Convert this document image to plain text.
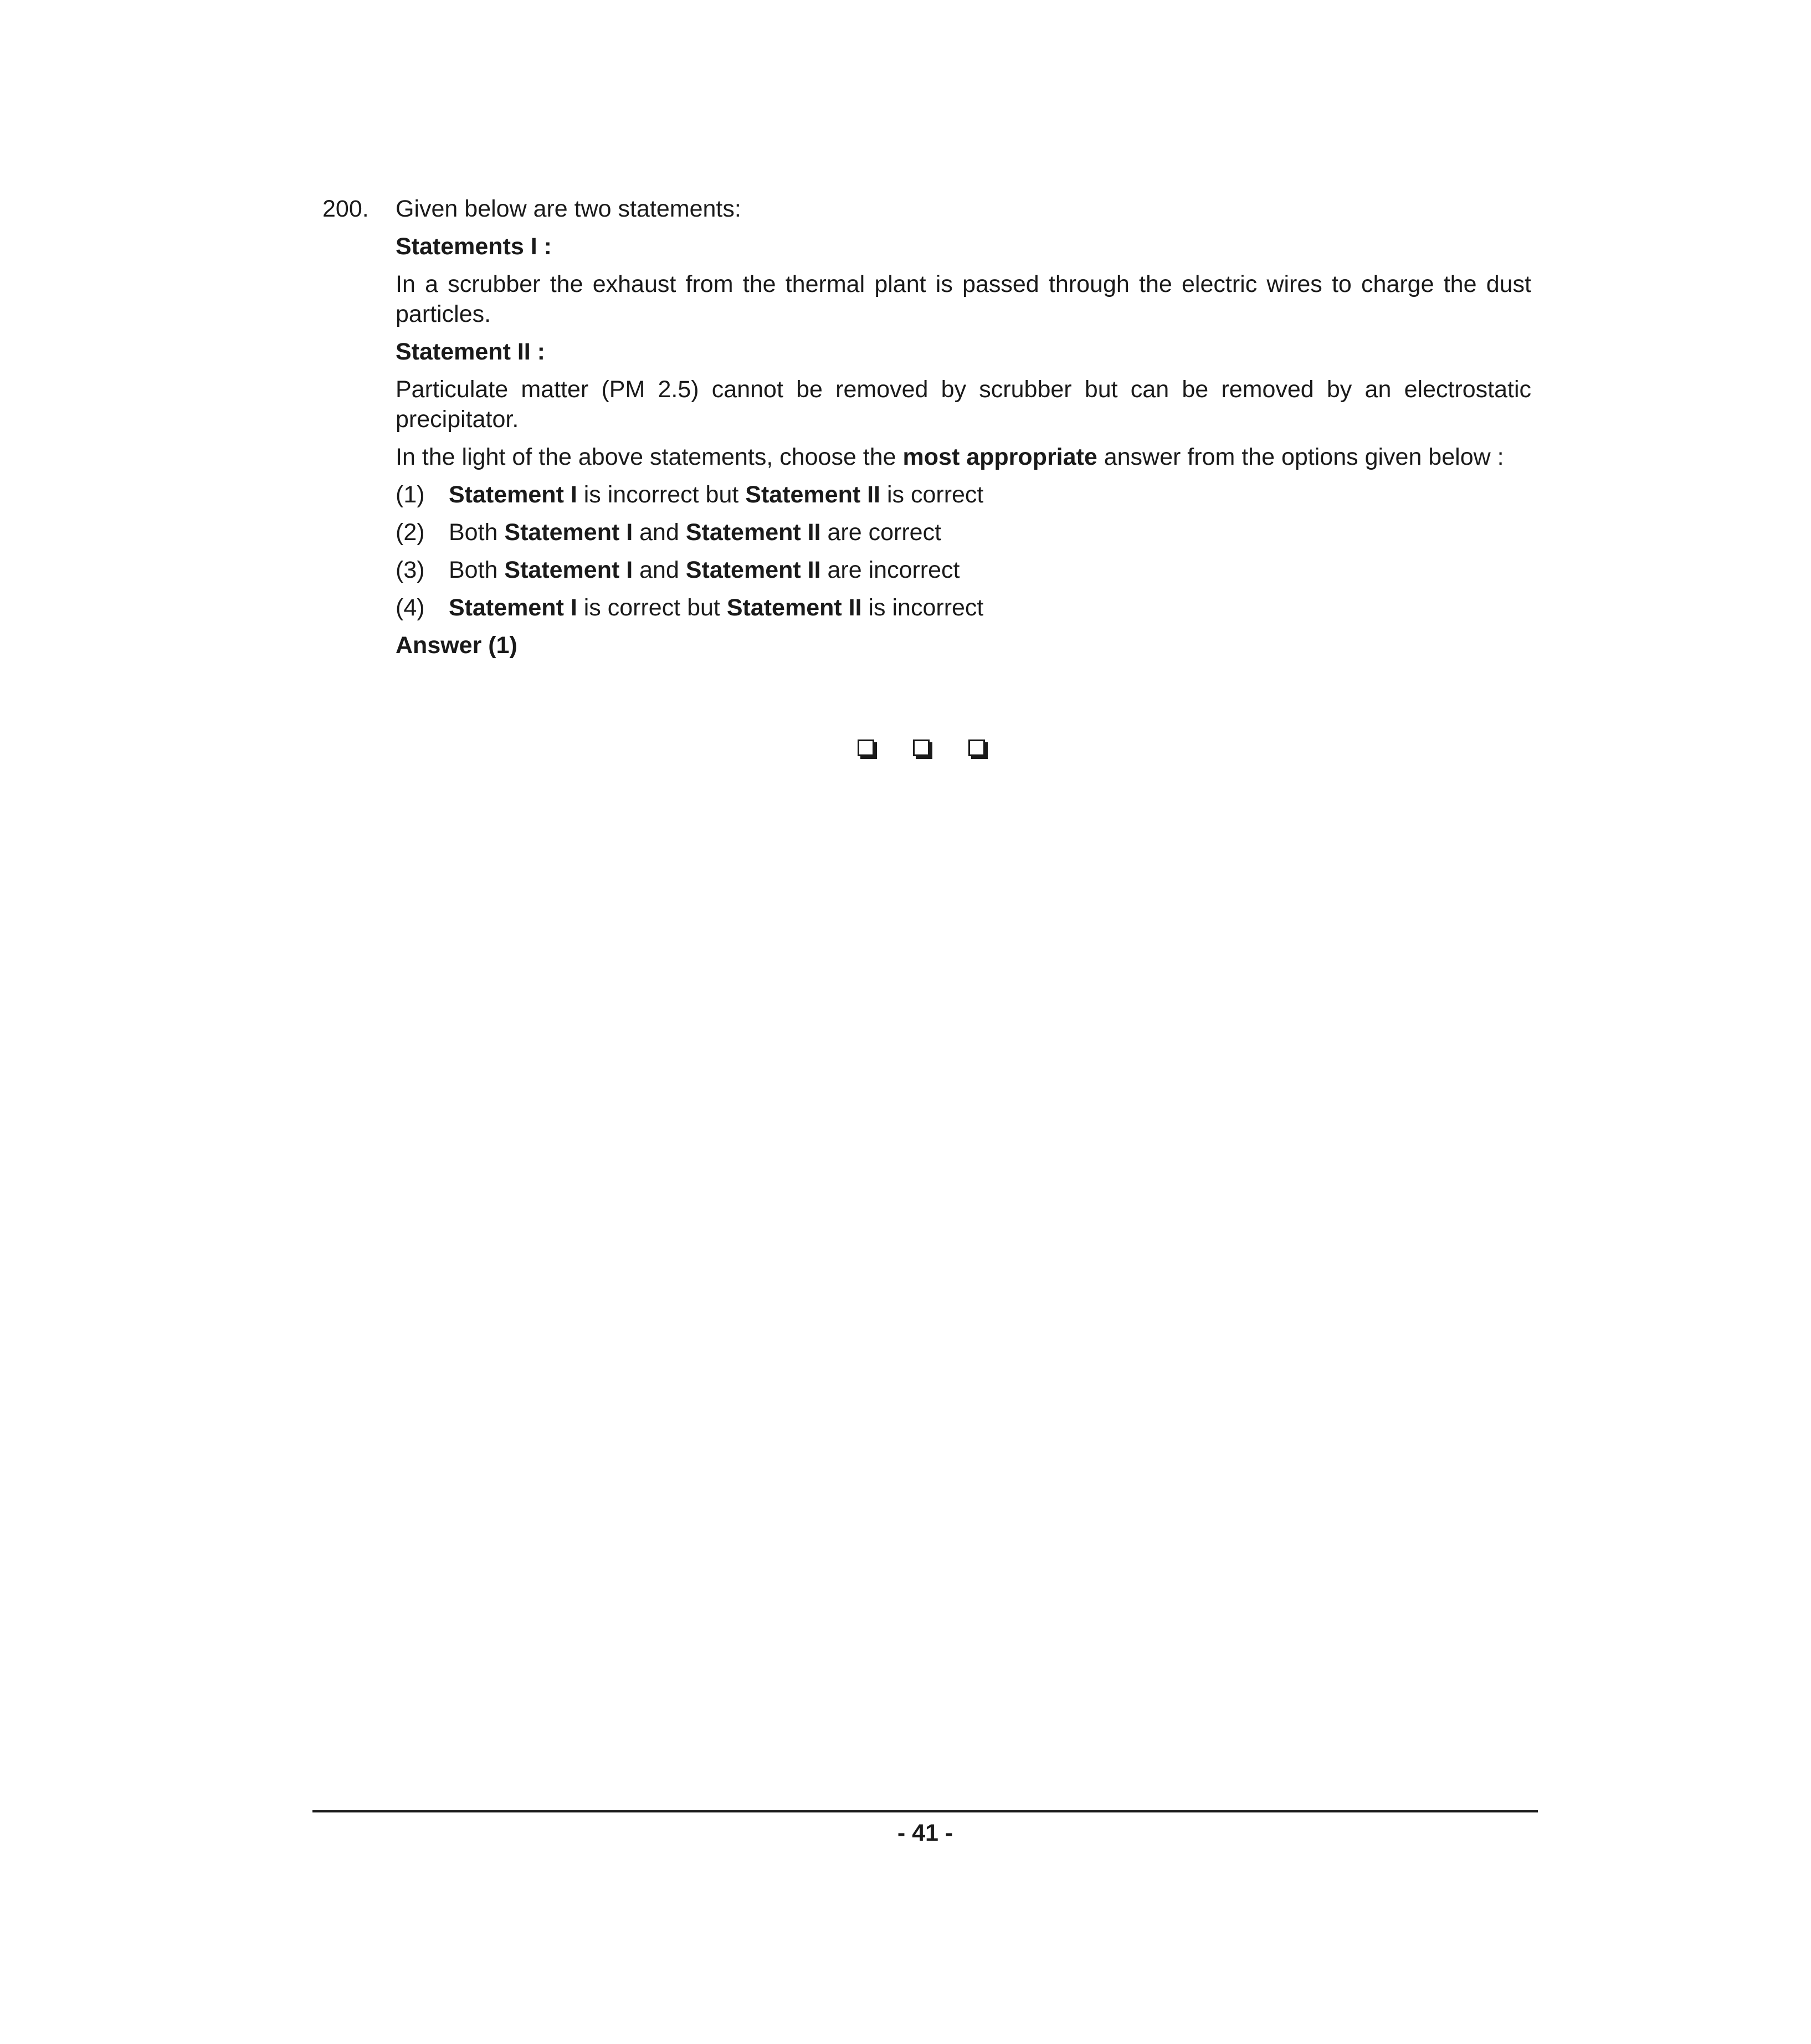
200. Given below are two statements:

Statements I :

In a scrubber the exhaust from the thermal plant is passed through the electric wires to charge the dust particles.

Statement II :

Particulate matter (PM 2.5) cannot be removed by scrubber but can be removed by an electrostatic precipitator.

In the light of the above statements, choose the most appropriate answer from the options given below :

(1) Statement I is incorrect but Statement II is correct
(2) Both Statement I and Statement II are correct
(3) Both Statement I and Statement II are incorrect
(4) Statement I is correct but Statement II is incorrect

Answer (1)

- 41 -
